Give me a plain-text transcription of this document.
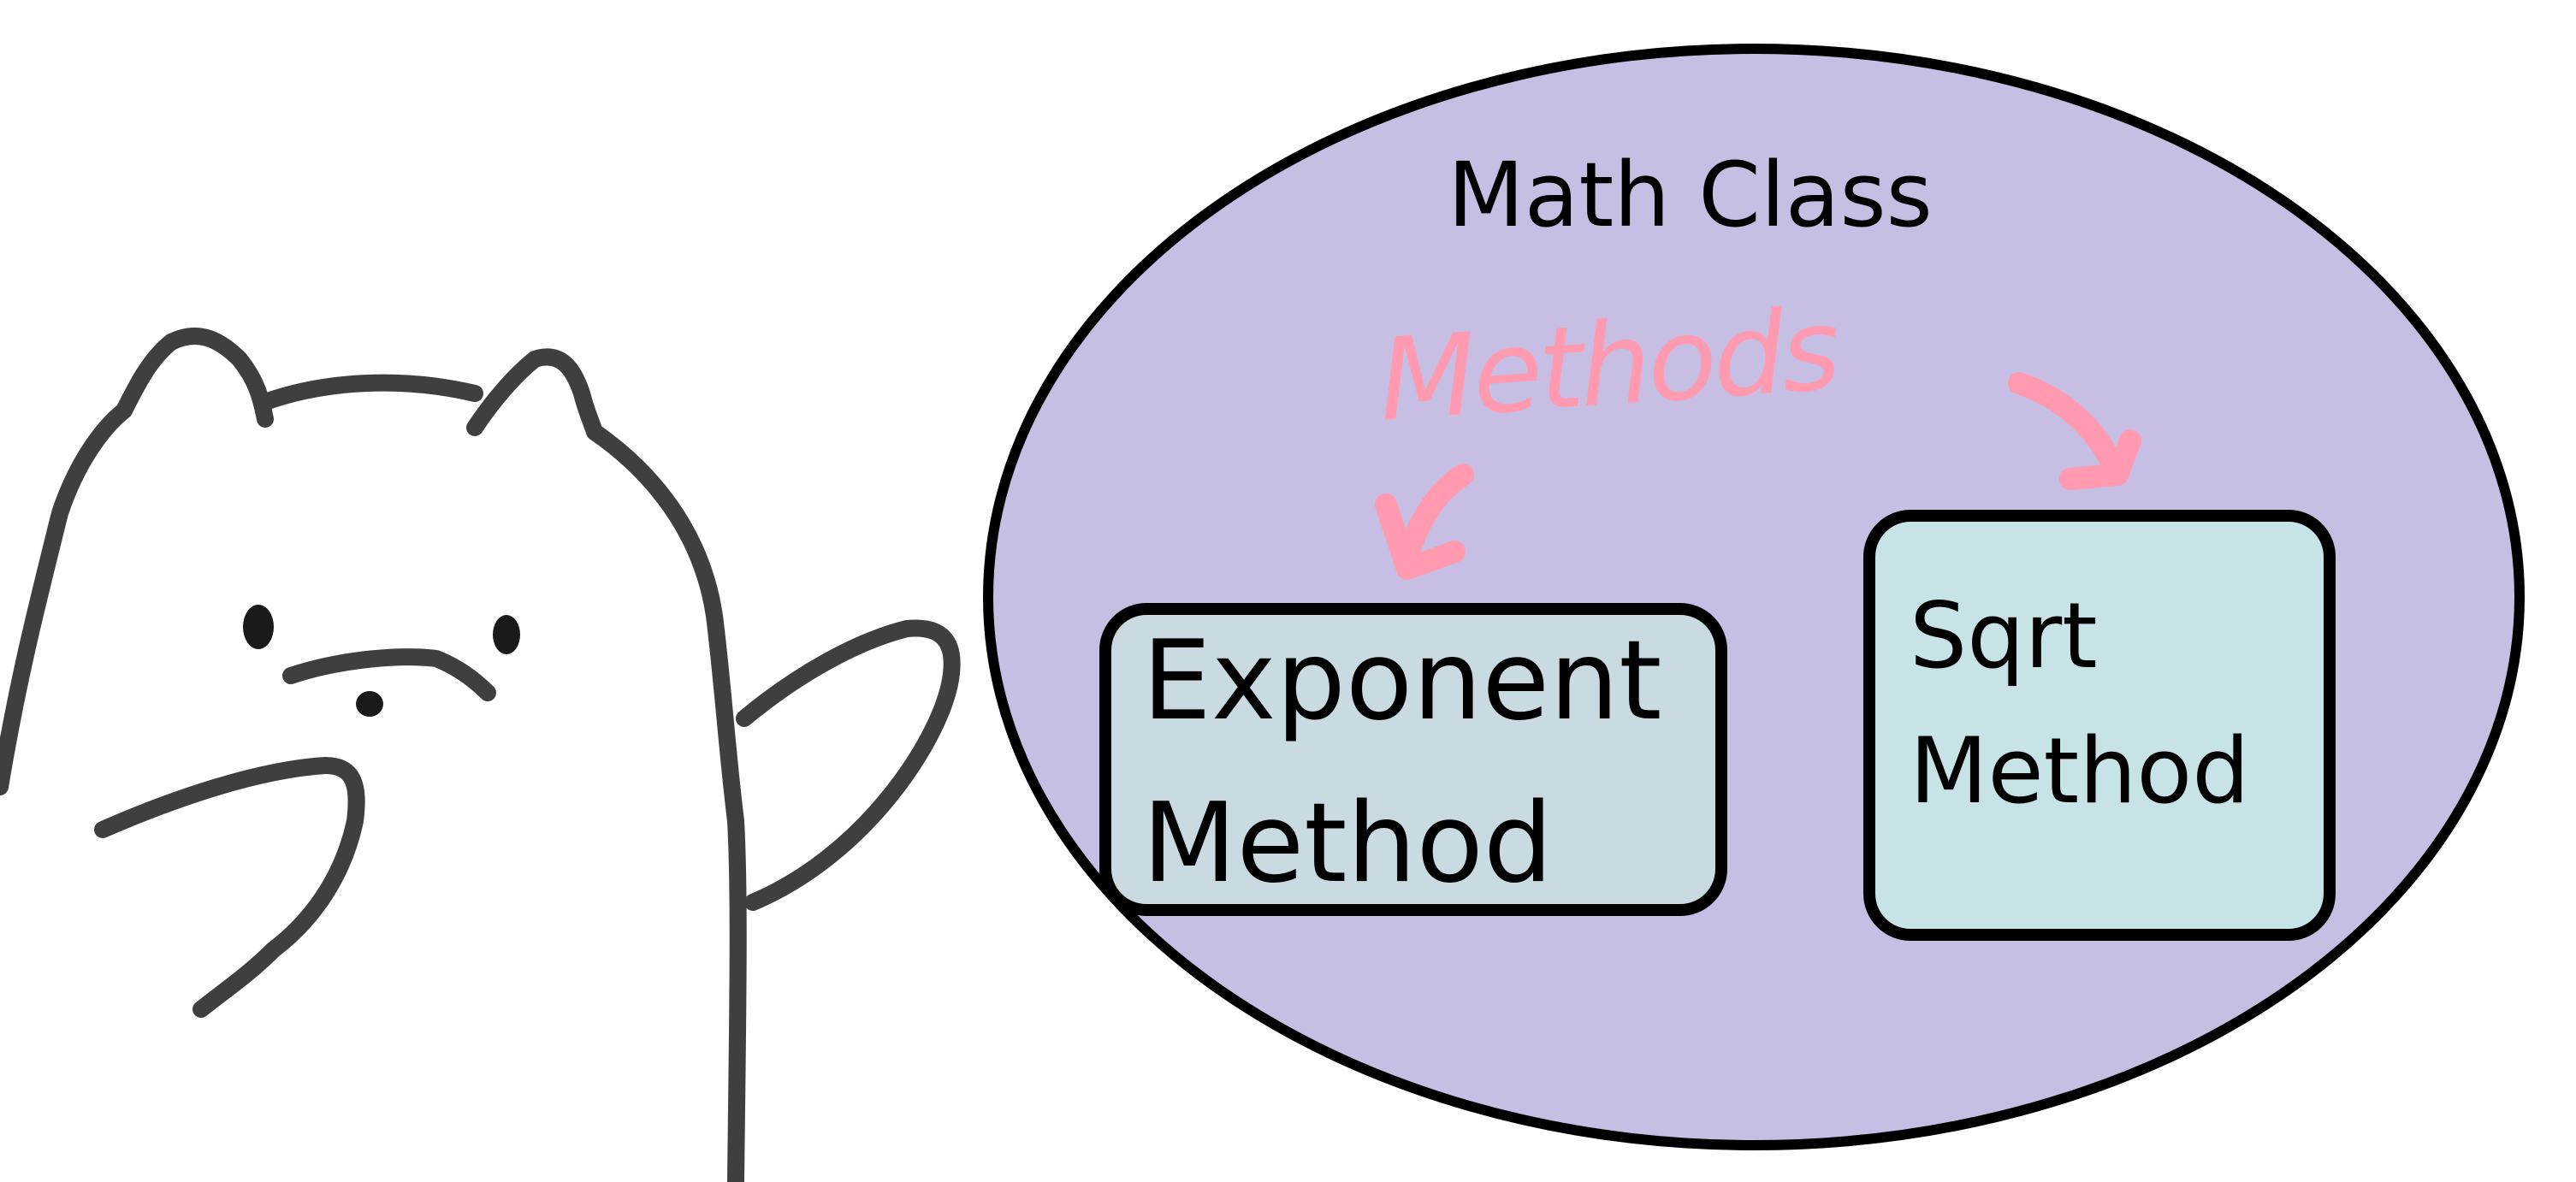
Math Class

Methods
Exponent
Method
Sqrt
Method
